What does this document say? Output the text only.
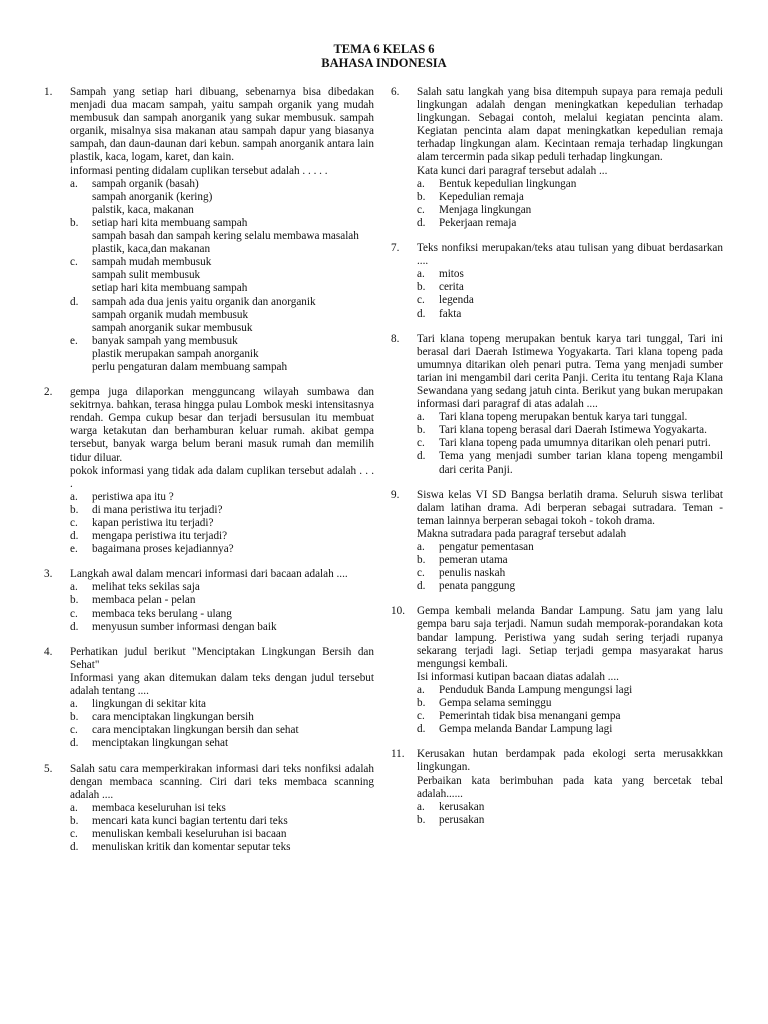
TEMA 6 KELAS 6
BAHASA INDONESIA
1. Sampah yang setiap hari dibuang, sebenarnya bisa dibedakan menjadi dua macam sampah, yaitu sampah organik yang mudah membusuk dan sampah anorganik yang sukar membusuk. sampah organik, misalnya sisa makanan atau sampah dapur yang biasanya sampah, dan daun-daunan dari kebun. sampah anorganik antara lain plastik, kaca, logam, karet, dan kain.
informasi penting didalam cuplikan tersebut adalah . . . . .
a. sampah organik (basah)
sampah anorganik (kering)
palstik, kaca, makanan
b. setiap hari kita membuang sampah
sampah basah dan sampah kering selalu membawa masalah
plastik, kaca,dan makanan
c. sampah mudah membusuk
sampah sulit membusuk
setiap hari kita membuang sampah
d. sampah ada dua jenis yaitu organik dan anorganik
sampah organik mudah membusuk
sampah anorganik sukar membusuk
e. banyak sampah yang membusuk
plastik merupakan sampah anorganik
perlu pengaturan dalam membuang sampah
2. gempa juga dilaporkan mengguncang wilayah sumbawa dan sekitrnya. bahkan, terasa hingga pulau Lombok meski intensitasnya rendah. Gempa cukup besar dan terjadi bersusulan itu membuat warga ketakutan dan berhamburan keluar rumah. akibat gempa tersebut, banyak warga belum berani masuk rumah dan memilih tidur diluar.
pokok informasi yang tidak ada dalam cuplikan tersebut adalah . . . .
a. peristiwa apa itu ?
b. di mana peristiwa itu terjadi?
c. kapan peristiwa itu terjadi?
d. mengapa peristiwa itu terjadi?
e. bagaimana proses kejadiannya?
3. Langkah awal dalam mencari informasi dari bacaan adalah ....
a. melihat teks sekilas saja
b. membaca pelan - pelan
c. membaca teks berulang - ulang
d. menyusun sumber informasi dengan baik
4. Perhatikan judul berikut "Menciptakan Lingkungan Bersih dan Sehat"
Informasi yang akan ditemukan dalam teks dengan judul tersebut adalah tentang ....
a. lingkungan di sekitar kita
b. cara menciptakan lingkungan bersih
c. cara menciptakan lingkungan bersih dan sehat
d. menciptakan lingkungan sehat
5. Salah satu cara memperkirakan informasi dari teks nonfiksi adalah dengan membaca scanning. Ciri dari teks membaca scanning adalah ....
a. membaca keseluruhan isi teks
b. mencari kata kunci bagian tertentu dari teks
c. menuliskan kembali keseluruhan isi bacaan
d. menuliskan kritik dan komentar seputar teks
6. Salah satu langkah yang bisa ditempuh supaya para remaja peduli lingkungan adalah dengan meningkatkan kepedulian terhadap lingkungan. Sebagai contoh, melalui kegiatan pencinta alam. Kegiatan pencinta alam dapat meningkatkan kepedulian remaja terhadap lingkungan alam. Kecintaan remaja terhadap lingkungan alam tercermin pada sikap peduli terhadap lingkungan.
Kata kunci dari paragraf tersebut adalah ...
a. Bentuk kepedulian lingkungan
b. Kepedulian remaja
c. Menjaga lingkungan
d. Pekerjaan remaja
7. Teks nonfiksi merupakan/teks atau tulisan yang dibuat berdasarkan ....
a. mitos
b. cerita
c. legenda
d. fakta
8. Tari klana topeng merupakan bentuk karya tari tunggal, Tari ini berasal dari Daerah Istimewa Yogyakarta. Tari klana topeng pada umumnya ditarikan oleh penari putra. Tema yang menjadi sumber tarian ini mengambil dari cerita Panji. Cerita itu tentang Raja Klana Sewandana yang sedang jatuh cinta. Berikut yang bukan merupakan informasi dari paragraf di atas adalah ....
a. Tari klana topeng merupakan bentuk karya tari tunggal.
b. Tari klana topeng berasal dari Daerah Istimewa Yogyakarta.
c. Tari klana topeng pada umumnya ditarikan oleh penari putri.
d. Tema yang menjadi sumber tarian klana topeng mengambil dari cerita Panji.
9. Siswa kelas VI SD Bangsa berlatih drama. Seluruh siswa terlibat dalam latihan drama. Adi berperan sebagai sutradara. Teman - teman lainnya berperan sebagai tokoh - tokoh drama.
Makna sutradara pada paragraf tersebut adalah
a. pengatur pementasan
b. pemeran utama
c. penulis naskah
d. penata panggung
10. Gempa kembali melanda Bandar Lampung. Satu jam yang lalu gempa baru saja terjadi. Namun sudah memporak-porandakan kota bandar lampung. Peristiwa yang sudah sering terjadi rupanya sekarang terjadi lagi. Setiap terjadi gempa masyarakat harus mengungsi kembali.
Isi informasi kutipan bacaan diatas adalah ....
a. Penduduk Banda Lampung mengungsi lagi
b. Gempa selama seminggu
c. Pemerintah tidak bisa menangani gempa
d. Gempa melanda Bandar Lampung lagi
11. Kerusakan hutan berdampak pada ekologi serta merusakkkan lingkungan.
Perbaikan kata berimbuhan pada kata yang bercetak tebal adalah......
a. kerusakan
b. perusakan
